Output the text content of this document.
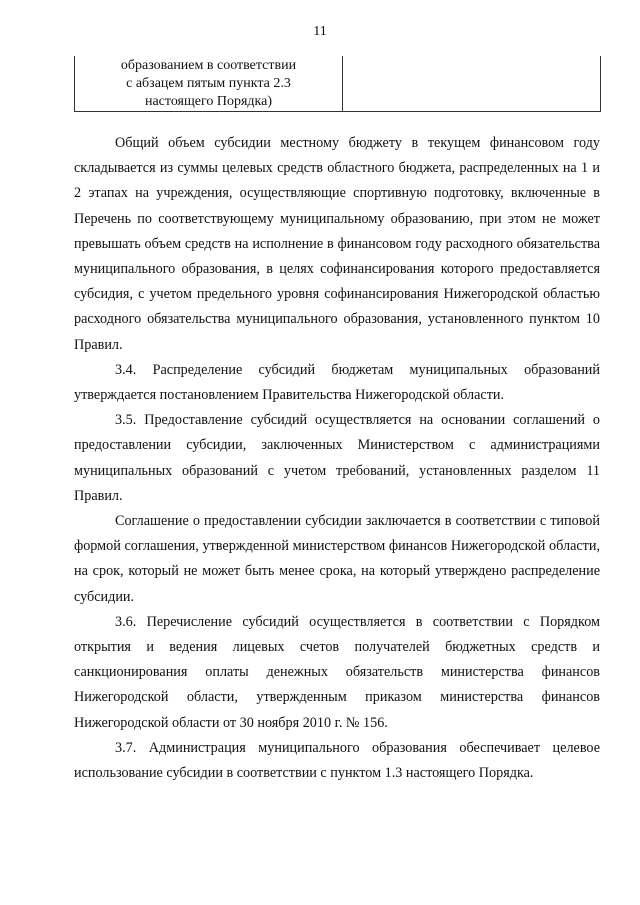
11
образованием в соответствии
с абзацем пятым пункта 2.3
настоящего Порядка)

Общий объем субсидии местному бюджету в текущем финансовом году складывается из суммы целевых средств областного бюджета, распределенных на 1 и 2 этапах на учреждения, осуществляющие спортивную подготовку, включенные в Перечень по соответствующему муниципальному образованию, при этом не может превышать объем средств на исполнение в финансовом году расходного обязательства муниципального образования, в целях софинансирования которого предоставляется субсидия, с учетом предельного уровня софинансирования Нижегородской областью расходного обязательства муниципального образования, установленного пунктом 10 Правил.

3.4. Распределение субсидий бюджетам муниципальных образований утверждается постановлением Правительства Нижегородской области.

3.5. Предоставление субсидий осуществляется на основании соглашений о предоставлении субсидии, заключенных Министерством с администрациями муниципальных образований с учетом требований, установленных разделом 11 Правил.

Соглашение о предоставлении субсидии заключается в соответствии с типовой формой соглашения, утвержденной министерством финансов Нижегородской области, на срок, который не может быть менее срока, на который утверждено распределение субсидии.

3.6. Перечисление субсидий осуществляется в соответствии с Порядком открытия и ведения лицевых счетов получателей бюджетных средств и санкционирования оплаты денежных обязательств министерства финансов Нижегородской области, утвержденным приказом министерства финансов Нижегородской области от 30 ноября 2010 г. № 156.

3.7. Администрация муниципального образования обеспечивает целевое использование субсидии в соответствии с пунктом 1.3 настоящего Порядка.
